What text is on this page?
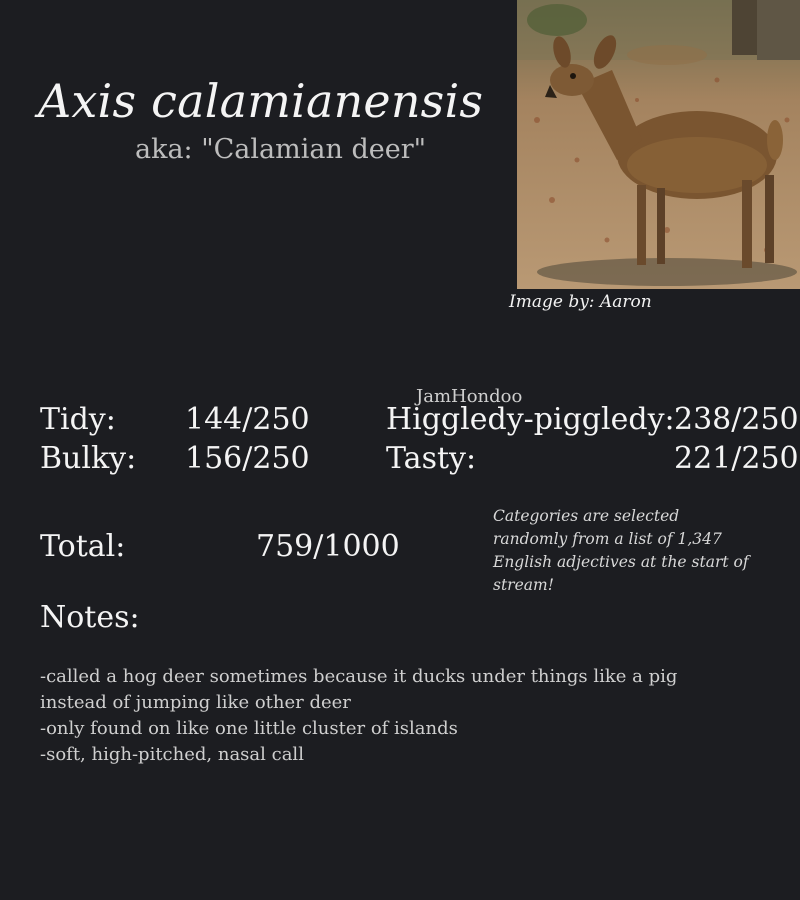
Axis calamianensis
aka: "Calamian deer"
Image by: Aaron
JamHondoo
Tidy: 144/250
Bulky: 156/250
Higgledy-piggledy: 238/250
Tasty:	221/250
Total:	759/1000
Categories are selected randomly from a list of 1,347 English adjectives at the start of stream!
Notes:
-called a hog deer sometimes because it ducks under things like a pig
instead of jumping like other deer
-only found on like one little cluster of islands
-soft, high-pitched, nasal call
